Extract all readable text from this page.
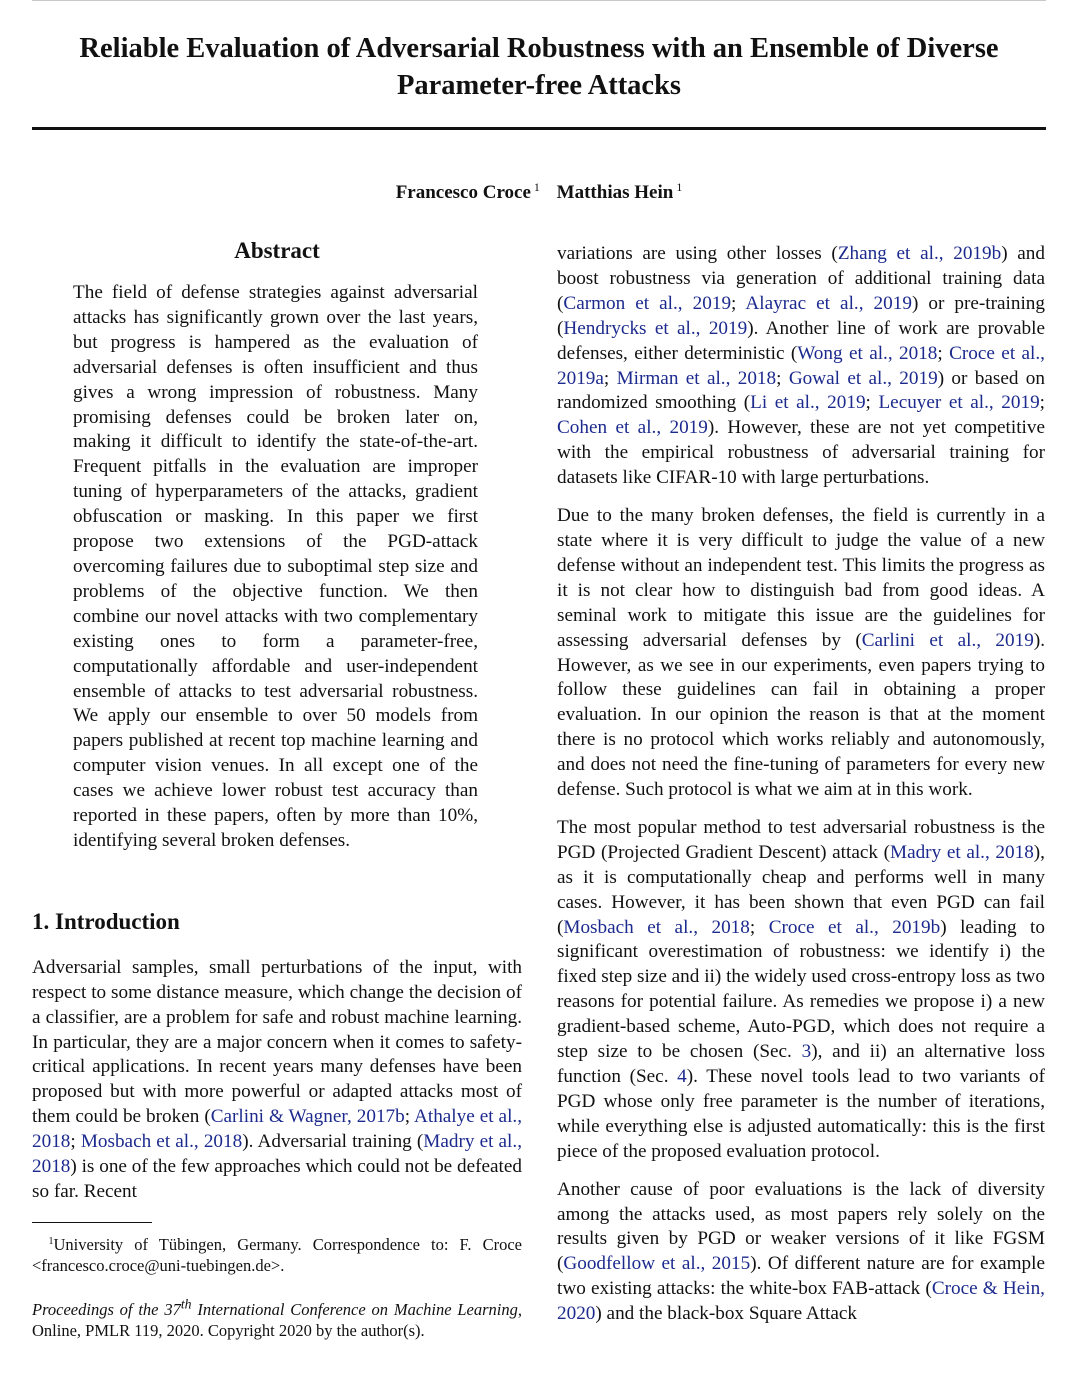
Reliable Evaluation of Adversarial Robustness with an Ensemble of Diverse
Parameter-free Attacks
Francesco Croce $^1$ Matthias Hein $^1$
Abstract

The field of defense strategies against adversarial attacks has significantly grown over the last years, but progress is hampered as the evaluation of adversarial defenses is often insufficient and thus gives a wrong impression of robustness. Many promising defenses could be broken later on, making it difficult to identify the state-of-the-art. Frequent pitfalls in the evaluation are improper tuning of hyperparameters of the attacks, gradient obfuscation or masking. In this paper we first propose two extensions of the PGD-attack overcoming failures due to suboptimal step size and problems of the objective function. We then combine our novel attacks with two complementary existing ones to form a parameter-free, computationally affordable and user-independent ensemble of attacks to test adversarial robustness. We apply our ensemble to over 50 models from papers published at recent top machine learning and computer vision venues. In all except one of the cases we achieve lower robust test accuracy than reported in these papers, often by more than 10%, identifying several broken defenses.

1. Introduction

Adversarial samples, small perturbations of the input, with respect to some distance measure, which change the decision of a classifier, are a problem for safe and robust machine learning. In particular, they are a major concern when it comes to safety-critical applications. In recent years many defenses have been proposed but with more powerful or adapted attacks most of them could be broken (Carlini & Wagner, 2017b; Athalye et al., 2018; Mosbach et al., 2018). Adversarial training (Madry et al., 2018) is one of the few approaches which could not be defeated so far. Recent

 $^1$University of Tübingen, Germany. Correspondence to: F. Croce <francesco.croce@uni-tuebingen.de>.

Proceedings of the 37th International Conference on Machine Learning, Online, PMLR 119, 2020. Copyright 2020 by the author(s).

variations are using other losses (Zhang et al., 2019b) and boost robustness via generation of additional training data (Carmon et al., 2019; Alayrac et al., 2019) or pre-training (Hendrycks et al., 2019). Another line of work are provable defenses, either deterministic (Wong et al., 2018; Croce et al., 2019a; Mirman et al., 2018; Gowal et al., 2019) or based on randomized smoothing (Li et al., 2019; Lecuyer et al., 2019; Cohen et al., 2019). However, these are not yet competitive with the empirical robustness of adversarial training for datasets like CIFAR-10 with large perturbations.

Due to the many broken defenses, the field is currently in a state where it is very difficult to judge the value of a new defense without an independent test. This limits the progress as it is not clear how to distinguish bad from good ideas. A seminal work to mitigate this issue are the guidelines for assessing adversarial defenses by (Carlini et al., 2019). However, as we see in our experiments, even papers trying to follow these guidelines can fail in obtaining a proper evaluation. In our opinion the reason is that at the moment there is no protocol which works reliably and autonomously, and does not need the fine-tuning of parameters for every new defense. Such protocol is what we aim at in this work.

The most popular method to test adversarial robustness is the PGD (Projected Gradient Descent) attack (Madry et al., 2018), as it is computationally cheap and performs well in many cases. However, it has been shown that even PGD can fail (Mosbach et al., 2018; Croce et al., 2019b) leading to significant overestimation of robustness: we identify i) the fixed step size and ii) the widely used cross-entropy loss as two reasons for potential failure. As remedies we propose i) a new gradient-based scheme, Auto-PGD, which does not require a step size to be chosen (Sec. 3), and ii) an alternative loss function (Sec. 4). These novel tools lead to two variants of PGD whose only free parameter is the number of iterations, while everything else is adjusted automatically: this is the first piece of the proposed evaluation protocol.

Another cause of poor evaluations is the lack of diversity among the attacks used, as most papers rely solely on the results given by PGD or weaker versions of it like FGSM (Goodfellow et al., 2015). Of different nature are for example two existing attacks: the white-box FAB-attack (Croce & Hein, 2020) and the black-box Square Attack
